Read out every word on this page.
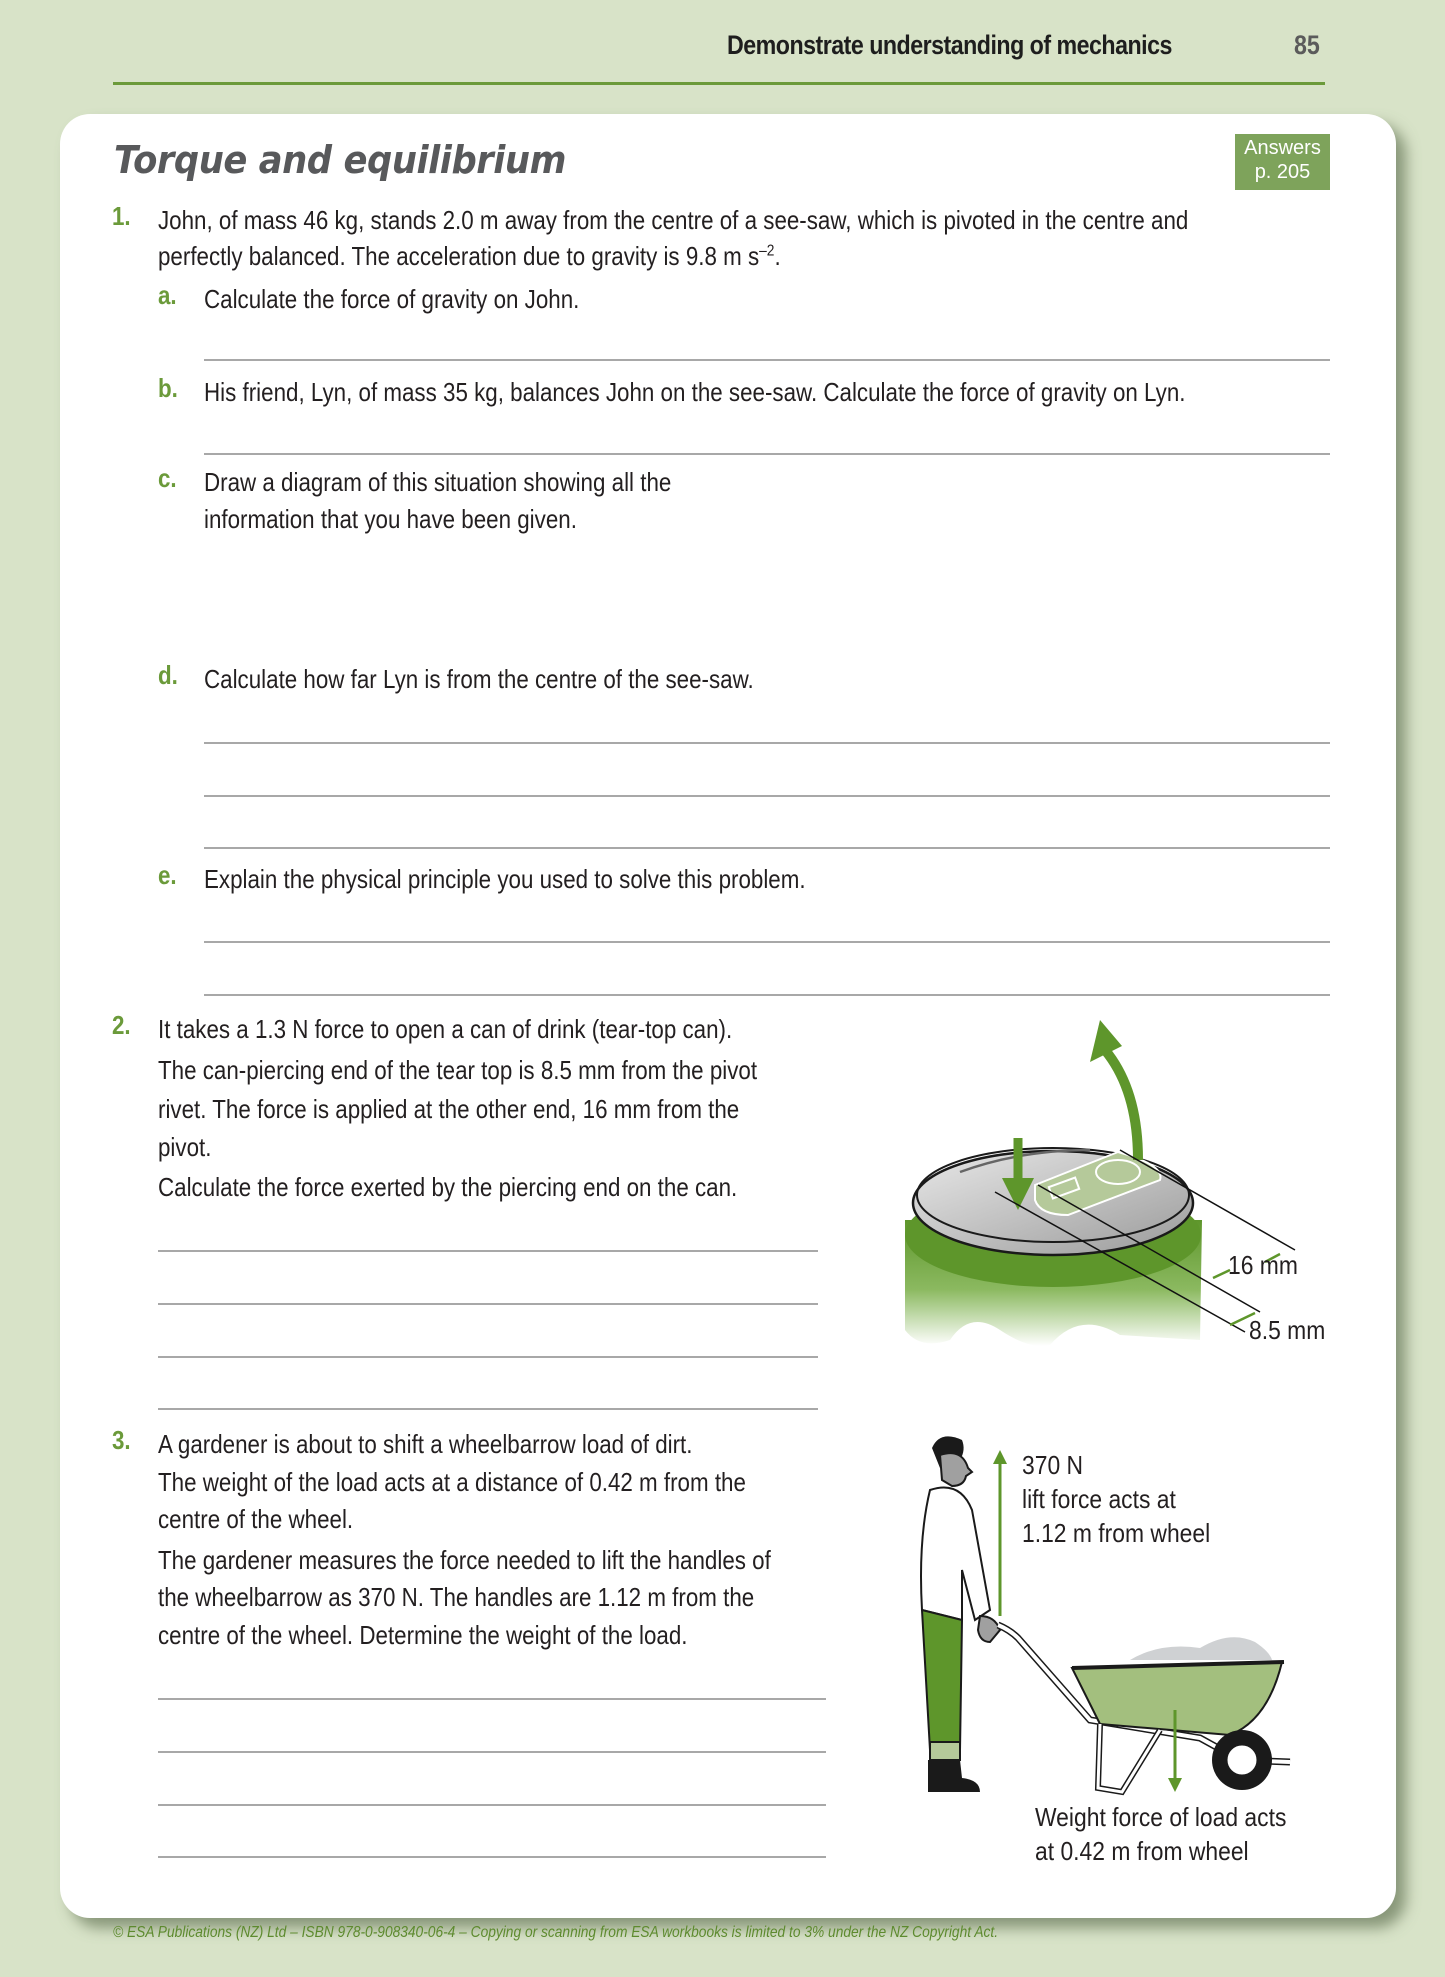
Demonstrate understanding of mechanics	85
Torque and equilibrium	Answers
p. 205
1. John, of mass 46 kg, stands 2.0 m away from the centre of a see-saw, which is pivoted in the centre and
perfectly balanced. The acceleration due to gravity is 9.8 m $s^{-2}$.
a. Calculate the force of gravity on John.
b. His friend, Lyn, of mass 35 kg, balances John on the see-saw. Calculate the force of gravity on Lyn.
c. Draw a diagram of this situation showing all the
information that you have been given.
d. Calculate how far Lyn is from the centre of the see-saw.
e. Explain the physical principle you used to solve this problem.
2. It takes a 1.3 N force to open a can of drink (tear-top can).
The can-piercing end of the tear top is 8.5 mm from the pivot
rivet. The force is applied at the other end, 16 mm from the
pivot.
Calculate the force exerted by the piercing end on the can.
16 mm
8.5 mm
3. A gardener is about to shift a wheelbarrow load of dirt.
The weight of the load acts at a distance of 0.42 m from the
centre of the wheel.
The gardener measures the force needed to lift the handles of
the wheelbarrow as 370 N. The handles are 1.12 m from the
centre of the wheel. Determine the weight of the load.
370 N
lift force acts at
1.12 m from wheel
Weight force of load acts
at 0.42 m from wheel
© ESA Publications (NZ) Ltd – ISBN 978-0-908340-06-4 – Copying or scanning from ESA workbooks is limited to 3% under the NZ Copyright Act.
